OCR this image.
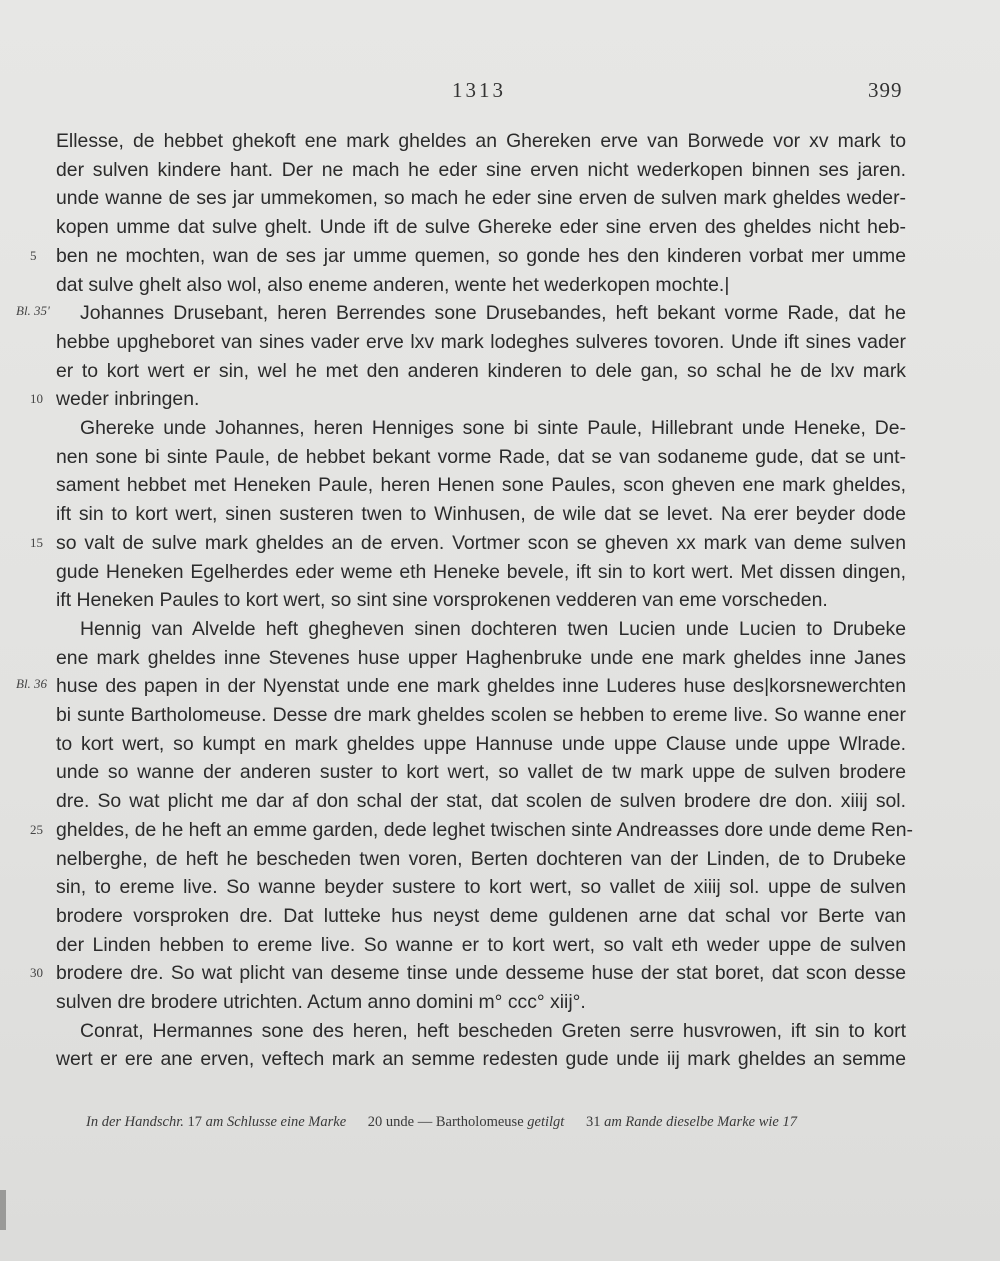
1313	399
Ellesse, de hebbet ghekoft ene mark gheldes an Ghereken erve van Borwede vor xv mark to
der sulven kindere hant. Der ne mach he eder sine erven nicht wederkopen binnen ses jaren.
unde wanne de ses jar ummekomen, so mach he eder sine erven de sulven mark gheldes weder-
kopen umme dat sulve ghelt. Unde ift de sulve Ghereke eder sine erven des gheldes nicht heb-
ben ne mochten, wan de ses jar umme quemen, so gonde hes den kinderen vorbat mer umme
dat sulve ghelt also wol, also eneme anderen, wente het wederkopen mochte.|
Johannes Drusebant, heren Berrendes sone Drusebandes, heft bekant vorme Rade, dat he
hebbe upgheboret van sines vader erve lxv mark lodeghes sulveres tovoren. Unde ift sines vader
er to kort wert er sin, wel he met den anderen kinderen to dele gan, so schal he de lxv mark
weder inbringen.
Ghereke unde Johannes, heren Henniges sone bi sinte Paule, Hillebrant unde Heneke, De-
nen sone bi sinte Paule, de hebbet bekant vorme Rade, dat se van sodaneme gude, dat se unt-
sament hebbet met Heneken Paule, heren Henen sone Paules, scon gheven ene mark gheldes,
ift sin to kort wert, sinen susteren twen to Winhusen, de wile dat se levet. Na erer beyder dode
so valt de sulve mark gheldes an de erven. Vortmer scon se gheven xx mark van deme sulven
gude Heneken Egelherdes eder weme eth Heneke bevele, ift sin to kort wert. Met dissen dingen,
ift Heneken Paules to kort wert, so sint sine vorsprokenen vedderen van eme vorscheden.
Hennig van Alvelde heft ghegheven sinen dochteren twen Lucien unde Lucien to Drubeke
ene mark gheldes inne Stevenes huse upper Haghenbruke unde ene mark gheldes inne Janes
huse des papen in der Nyenstat unde ene mark gheldes inne Luderes huse des|korsnewerchten
bi sunte Bartholomeuse. Desse dre mark gheldes scolen se hebben to ereme live. So wanne ener
to kort wert, so kumpt en mark gheldes uppe Hannuse unde uppe Clause unde uppe Wlrade.
unde so wanne der anderen suster to kort wert, so vallet de tw mark uppe de sulven brodere
dre. So wat plicht me dar af don schal der stat, dat scolen de sulven brodere dre don. xiiij sol.
gheldes, de he heft an emme garden, dede leghet twischen sinte Andreasses dore unde deme Ren-
nelberghe, de heft he bescheden twen voren, Berten dochteren van der Linden, de to Drubeke
sin, to ereme live. So wanne beyder sustere to kort wert, so vallet de xiiij sol. uppe de sulven
brodere vorsproken dre. Dat lutteke hus neyst deme guldenen arne dat schal vor Berte van
der Linden hebben to ereme live. So wanne er to kort wert, so valt eth weder uppe de sulven
brodere dre. So wat plicht van deseme tinse unde desseme huse der stat boret, dat scon desse
sulven dre brodere utrichten. Actum anno domini m° ccc° xiij°.
Conrat, Hermannes sone des heren, heft bescheden Greten serre husvrowen, ift sin to kort
wert er ere ane erven, veftech mark an semme redesten gude unde iij mark gheldes an semme
5
10
15
25
30
Bl. 35'
Bl. 36
In der Handschr. 17 am Schlusse eine Marke 20 unde — Bartholomeuse getilgt 31 am Rande dieselbe Marke wie 17
